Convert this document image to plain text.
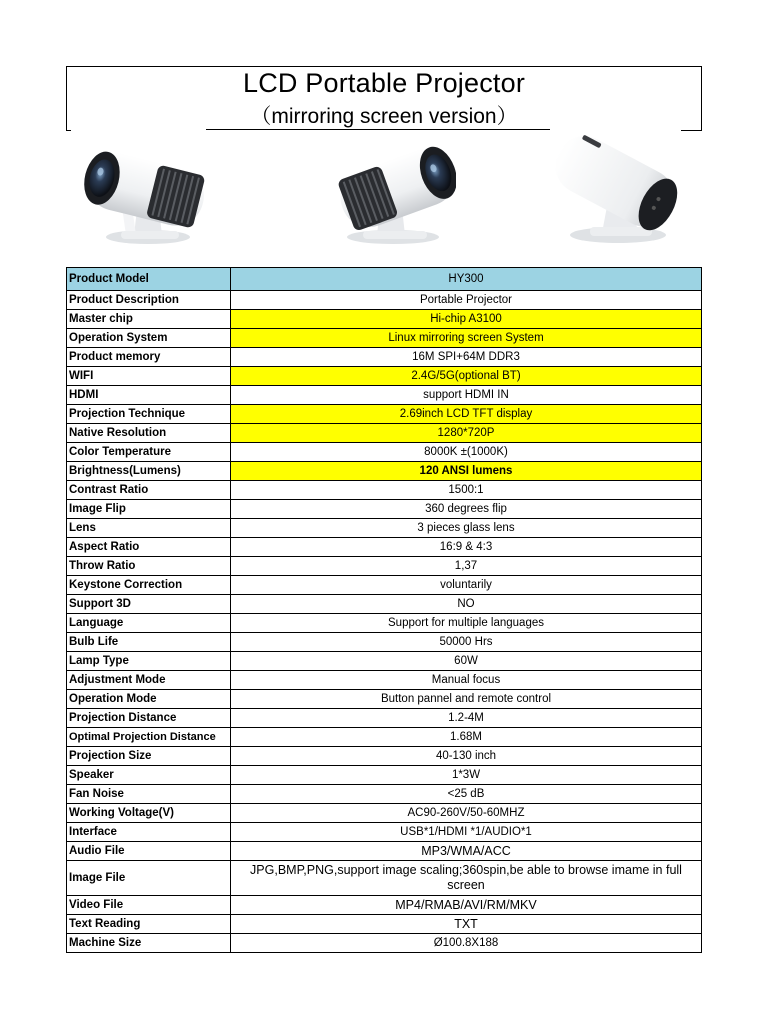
LCD Portable Projector
（mirroring screen version）
Product Model	HY300
Product Description	Portable Projector
Master chip	Hi-chip A3100
Operation System	Linux mirroring screen System
Product memory	16M SPI+64M DDR3
WIFI	2.4G/5G(optional BT)
HDMI	support HDMI IN
Projection Technique	2.69inch LCD TFT display
Native Resolution	1280*720P
Color Temperature	8000K ±(1000K)
Brightness(Lumens)	120 ANSI lumens
Contrast Ratio	1500:1
Image Flip	360 degrees flip
Lens	3 pieces glass lens
Aspect Ratio	16:9 & 4:3
Throw Ratio	1,37
Keystone Correction	voluntarily
Support 3D	NO
Language	Support for multiple languages
Bulb Life	50000 Hrs
Lamp Type	60W
Adjustment Mode	Manual focus
Operation Mode	Button pannel and remote control
Projection Distance	1.2-4M
Optimal Projection Distance	1.68M
Projection Size	40-130 inch
Speaker	1*3W
Fan Noise	<25 dB
Working Voltage(V)	AC90-260V/50-60MHZ
Interface	USB*1/HDMI *1/AUDIO*1
Audio File	MP3/WMA/ACC
Image File	JPG,BMP,PNG,support image scaling;360spin,be able to browse imame in full screen
Video File	MP4/RMAB/AVI/RM/MKV
Text Reading	TXT
Machine Size	Ø100.8X188
